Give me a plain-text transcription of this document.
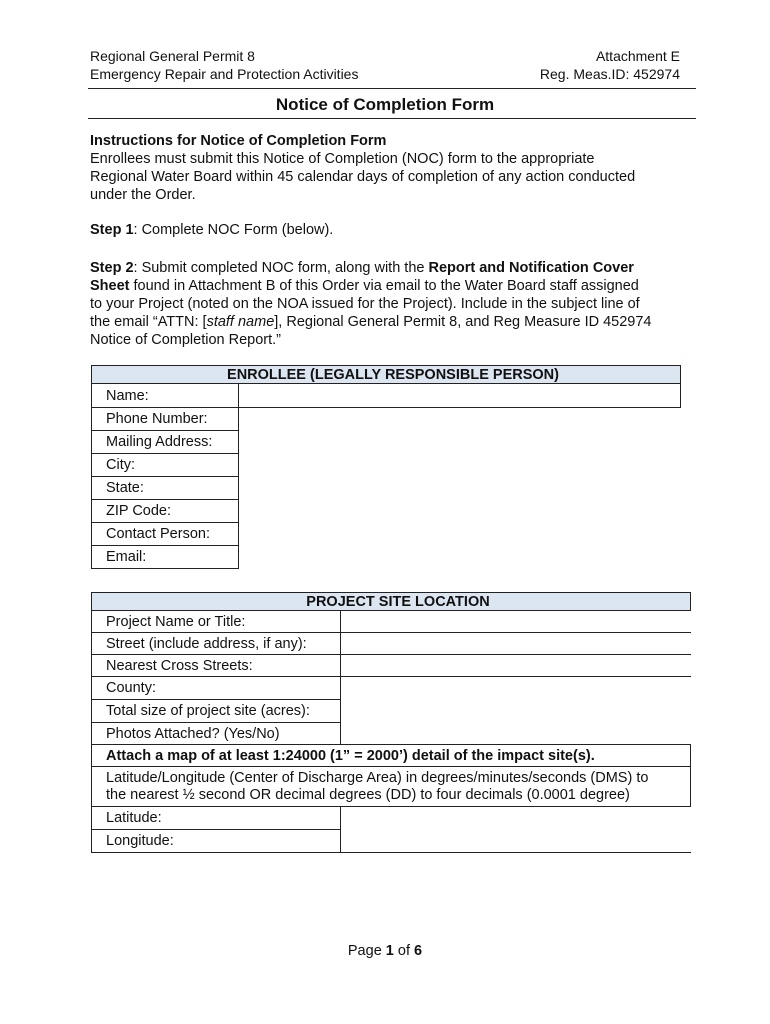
Regional General Permit 8
Emergency Repair and Protection Activities
Attachment E
Reg. Meas.ID: 452974
Notice of Completion Form
Instructions for Notice of Completion Form
Enrollees must submit this Notice of Completion (NOC) form to the appropriate
Regional Water Board within 45 calendar days of completion of any action conducted
under the Order.
Step 1: Complete NOC Form (below).
Step 2: Submit completed NOC form, along with the Report and Notification Cover
Sheet found in Attachment B of this Order via email to the Water Board staff assigned
to your Project (noted on the NOA issued for the Project). Include in the subject line of
the email “ATTN: [staff name], Regional General Permit 8, and Reg Measure ID 452974
Notice of Completion Report.”
ENROLLEE (LEGALLY RESPONSIBLE PERSON)	
Name:	
Phone Number:	
Mailing Address:	
City:	
State:	
ZIP Code:	
Contact Person:	
Email:	
PROJECT SITE LOCATION	
Project Name or Title:	
Street (include address, if any):	
Nearest Cross Streets:	
County:	
Total size of project site (acres):	
Photos Attached? (Yes/No)	
Attach a map of at least 1:24000 (1” = 2000’) detail of the impact site(s).	

Latitude/Longitude (Center of Discharge Area) in degrees/minutes/seconds (DMS) to
the nearest ½ second OR decimal degrees (DD) to four decimals (0.0001 degree)	

Latitude:	
Longitude:	
Page 1 of 6
